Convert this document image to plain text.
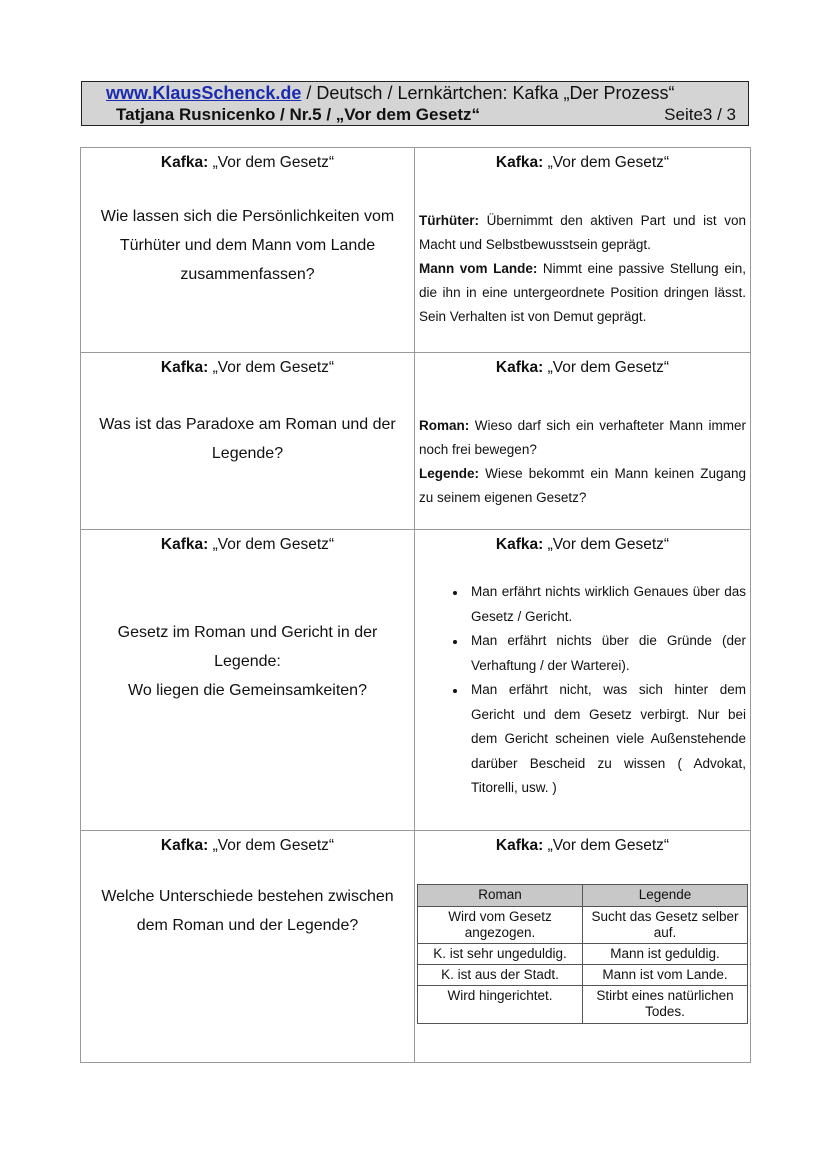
www.KlausSchenck.de / Deutsch / Lernkärtchen: Kafka „Der Prozess“
Tatjana Rusnicenko / Nr.5 / „Vor dem Gesetz“	Seite3 / 3
Kafka: „Vor dem Gesetz“
Wie lassen sich die Persönlichkeiten vom Türhüter und dem Mann vom Lande zusammenfassen?

Kafka: „Vor dem Gesetz“
Türhüter: Übernimmt den aktiven Part und ist von Macht und Selbstbewusstsein geprägt.
Mann vom Lande: Nimmt eine passive Stellung ein, die ihn in eine untergeordnete Position dringen lässt. Sein Verhalten ist von Demut geprägt.

Kafka: „Vor dem Gesetz“
Was ist das Paradoxe am Roman und der Legende?

Kafka: „Vor dem Gesetz“
Roman: Wieso darf sich ein verhafteter Mann immer noch frei bewegen?
Legende: Wiese bekommt ein Mann keinen Zugang zu seinem eigenen Gesetz?

Kafka: „Vor dem Gesetz“
Gesetz im Roman und Gericht in der
Legende:
Wo liegen die Gemeinsamkeiten?

Kafka: „Vor dem Gesetz“
• Man erfährt nichts wirklich Genaues über das Gesetz / Gericht.
• Man erfährt nichts über die Gründe (der Verhaftung / der Warterei).
• Man erfährt nicht, was sich hinter dem Gericht und dem Gesetz verbirgt. Nur bei dem Gericht scheinen viele Außenstehende darüber Bescheid zu wissen ( Advokat, Titorelli, usw. )

Kafka: „Vor dem Gesetz“
Welche Unterschiede bestehen zwischen dem Roman und der Legende?

Kafka: „Vor dem Gesetz“
Roman	Legende
Wird vom Gesetz angezogen.	Sucht das Gesetz selber auf.
K. ist sehr ungeduldig.	Mann ist geduldig.
K. ist aus der Stadt.	Mann ist vom Lande.
Wird hingerichtet.	Stirbt eines natürlichen Todes.
